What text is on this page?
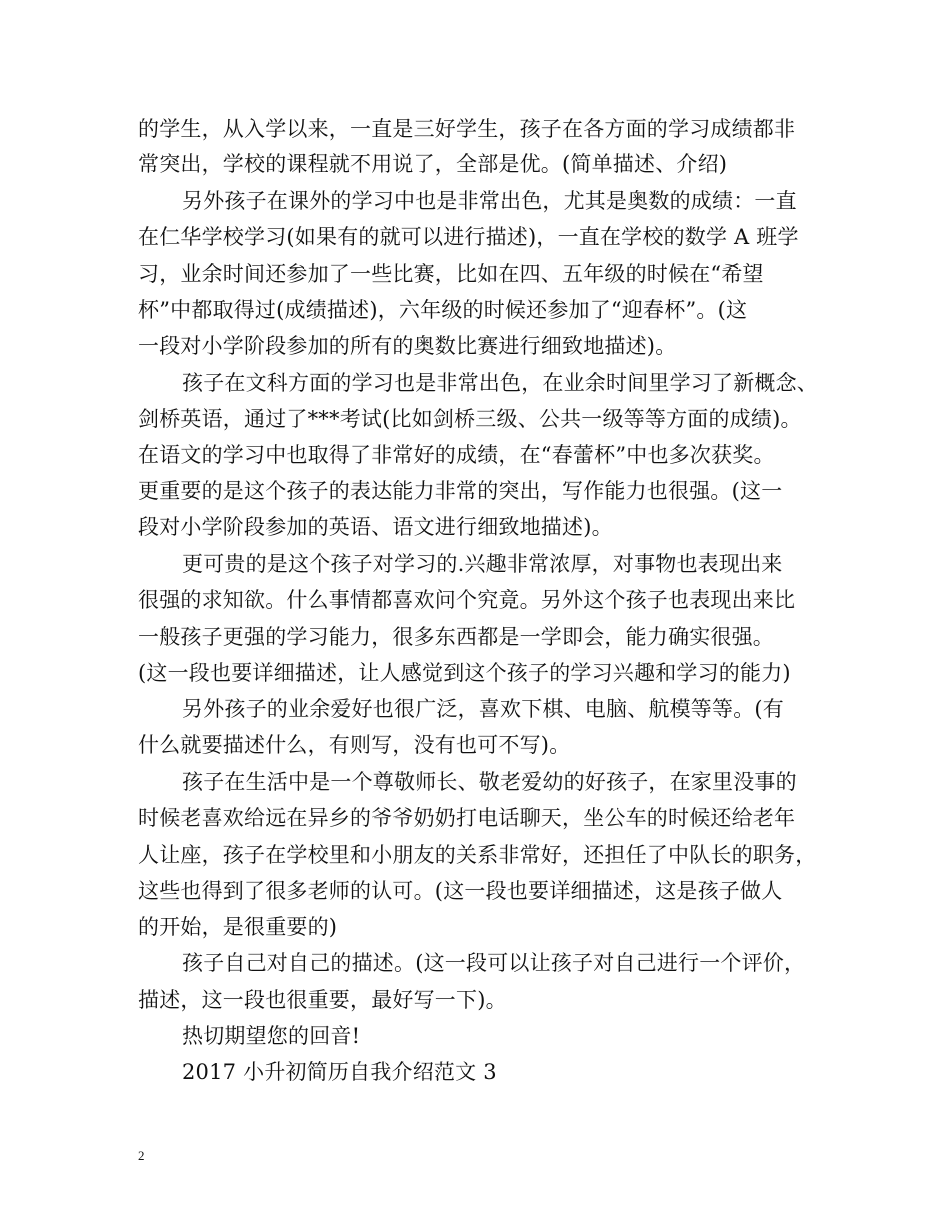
的学生，从入学以来，一直是三好学生，孩子在各方面的学习成绩都非
常突出，学校的课程就不用说了，全部是优。(简单描述、介绍)
另外孩子在课外的学习中也是非常出色，尤其是奥数的成绩：一直
在仁华学校学习(如果有的就可以进行描述)，一直在学校的数学 A 班学
习，业余时间还参加了一些比赛，比如在四、五年级的时候在“希望
杯”中都取得过(成绩描述)，六年级的时候还参加了“迎春杯”。(这
一段对小学阶段参加的所有的奥数比赛进行细致地描述)。
孩子在文科方面的学习也是非常出色，在业余时间里学习了新概念、
剑桥英语，通过了***考试(比如剑桥三级、公共一级等等方面的成绩)。
在语文的学习中也取得了非常好的成绩，在“春蕾杯”中也多次获奖。
更重要的是这个孩子的表达能力非常的突出，写作能力也很强。(这一
段对小学阶段参加的英语、语文进行细致地描述)。
更可贵的是这个孩子对学习的.兴趣非常浓厚，对事物也表现出来
很强的求知欲。什么事情都喜欢问个究竟。另外这个孩子也表现出来比
一般孩子更强的学习能力，很多东西都是一学即会，能力确实很强。
(这一段也要详细描述，让人感觉到这个孩子的学习兴趣和学习的能力)
另外孩子的业余爱好也很广泛，喜欢下棋、电脑、航模等等。(有
什么就要描述什么，有则写，没有也可不写)。
孩子在生活中是一个尊敬师长、敬老爱幼的好孩子，在家里没事的
时候老喜欢给远在异乡的爷爷奶奶打电话聊天，坐公车的时候还给老年
人让座，孩子在学校里和小朋友的关系非常好，还担任了中队长的职务，
这些也得到了很多老师的认可。(这一段也要详细描述，这是孩子做人
的开始，是很重要的)
孩子自己对自己的描述。(这一段可以让孩子对自己进行一个评价，
描述，这一段也很重要，最好写一下)。
热切期望您的回音!
2017 小升初简历自我介绍范文 3
2
